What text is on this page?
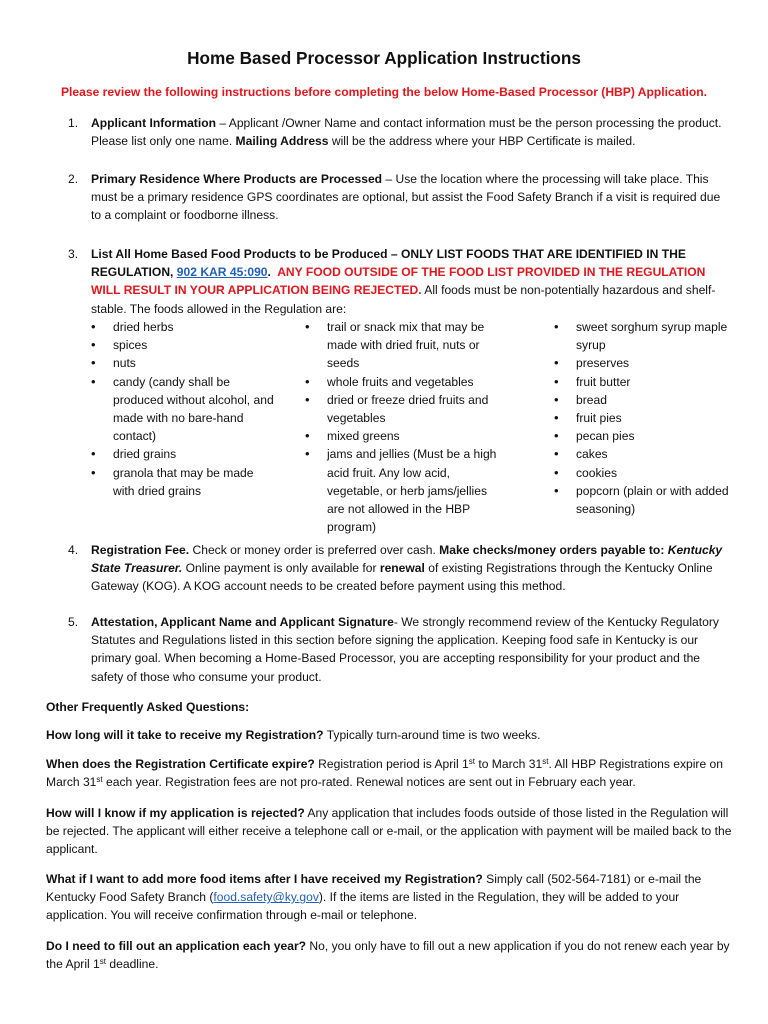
Home Based Processor Application Instructions

Please review the following instructions before completing the below Home-Based Processor (HBP) Application.

1. Applicant Information – Applicant /Owner Name and contact information must be the person processing the product. Please list only one name. Mailing Address will be the address where your HBP Certificate is mailed.
2. Primary Residence Where Products are Processed – Use the location where the processing will take place. This must be a primary residence GPS coordinates are optional, but assist the Food Safety Branch if a visit is required due to a complaint or foodborne illness.
3. List All Home Based Food Products to be Produced – ONLY LIST FOODS THAT ARE IDENTIFIED IN THE REGULATION, 902 KAR 45:090.  ANY FOOD OUTSIDE OF THE FOOD LIST PROVIDED IN THE REGULATION WILL RESULT IN YOUR APPLICATION BEING REJECTED. All foods must be non-potentially hazardous and shelf-stable. The foods allowed in the Regulation are:
• dried herbs
• spices
• nuts
• candy (candy shall be produced without alcohol, and made with no bare-hand contact)
• dried grains
• granola that may be made with dried grains
• trail or snack mix that may be made with dried fruit, nuts or seeds
• whole fruits and vegetables
• dried or freeze dried fruits and vegetables
• mixed greens
• jams and jellies (Must be a high acid fruit. Any low acid, vegetable, or herb jams/jellies are not allowed in the HBP program)
• sweet sorghum syrup maple syrup
• preserves
• fruit butter
• bread
• fruit pies
• pecan pies
• cakes
• cookies
• popcorn (plain or with added seasoning)
4. Registration Fee. Check or money order is preferred over cash. Make checks/money orders payable to: Kentucky State Treasurer. Online payment is only available for renewal of existing Registrations through the Kentucky Online Gateway (KOG). A KOG account needs to be created before payment using this method.
5. Attestation, Applicant Name and Applicant Signature- We strongly recommend review of the Kentucky Regulatory Statutes and Regulations listed in this section before signing the application. Keeping food safe in Kentucky is our primary goal. When becoming a Home-Based Processor, you are accepting responsibility for your product and the safety of those who consume your product.
Other Frequently Asked Questions:
How long will it take to receive my Registration? Typically turn-around time is two weeks.
When does the Registration Certificate expire? Registration period is April 1st to March 31st. All HBP Registrations expire on March 31st each year. Registration fees are not pro-rated. Renewal notices are sent out in February each year.
How will I know if my application is rejected? Any application that includes foods outside of those listed in the Regulation will be rejected. The applicant will either receive a telephone call or e-mail, or the application with payment will be mailed back to the applicant.
What if I want to add more food items after I have received my Registration? Simply call (502-564-7181) or e-mail the Kentucky Food Safety Branch (food.safety@ky.gov). If the items are listed in the Regulation, they will be added to your application. You will receive confirmation through e-mail or telephone.
Do I need to fill out an application each year? No, you only have to fill out a new application if you do not renew each year by the April 1st deadline.
